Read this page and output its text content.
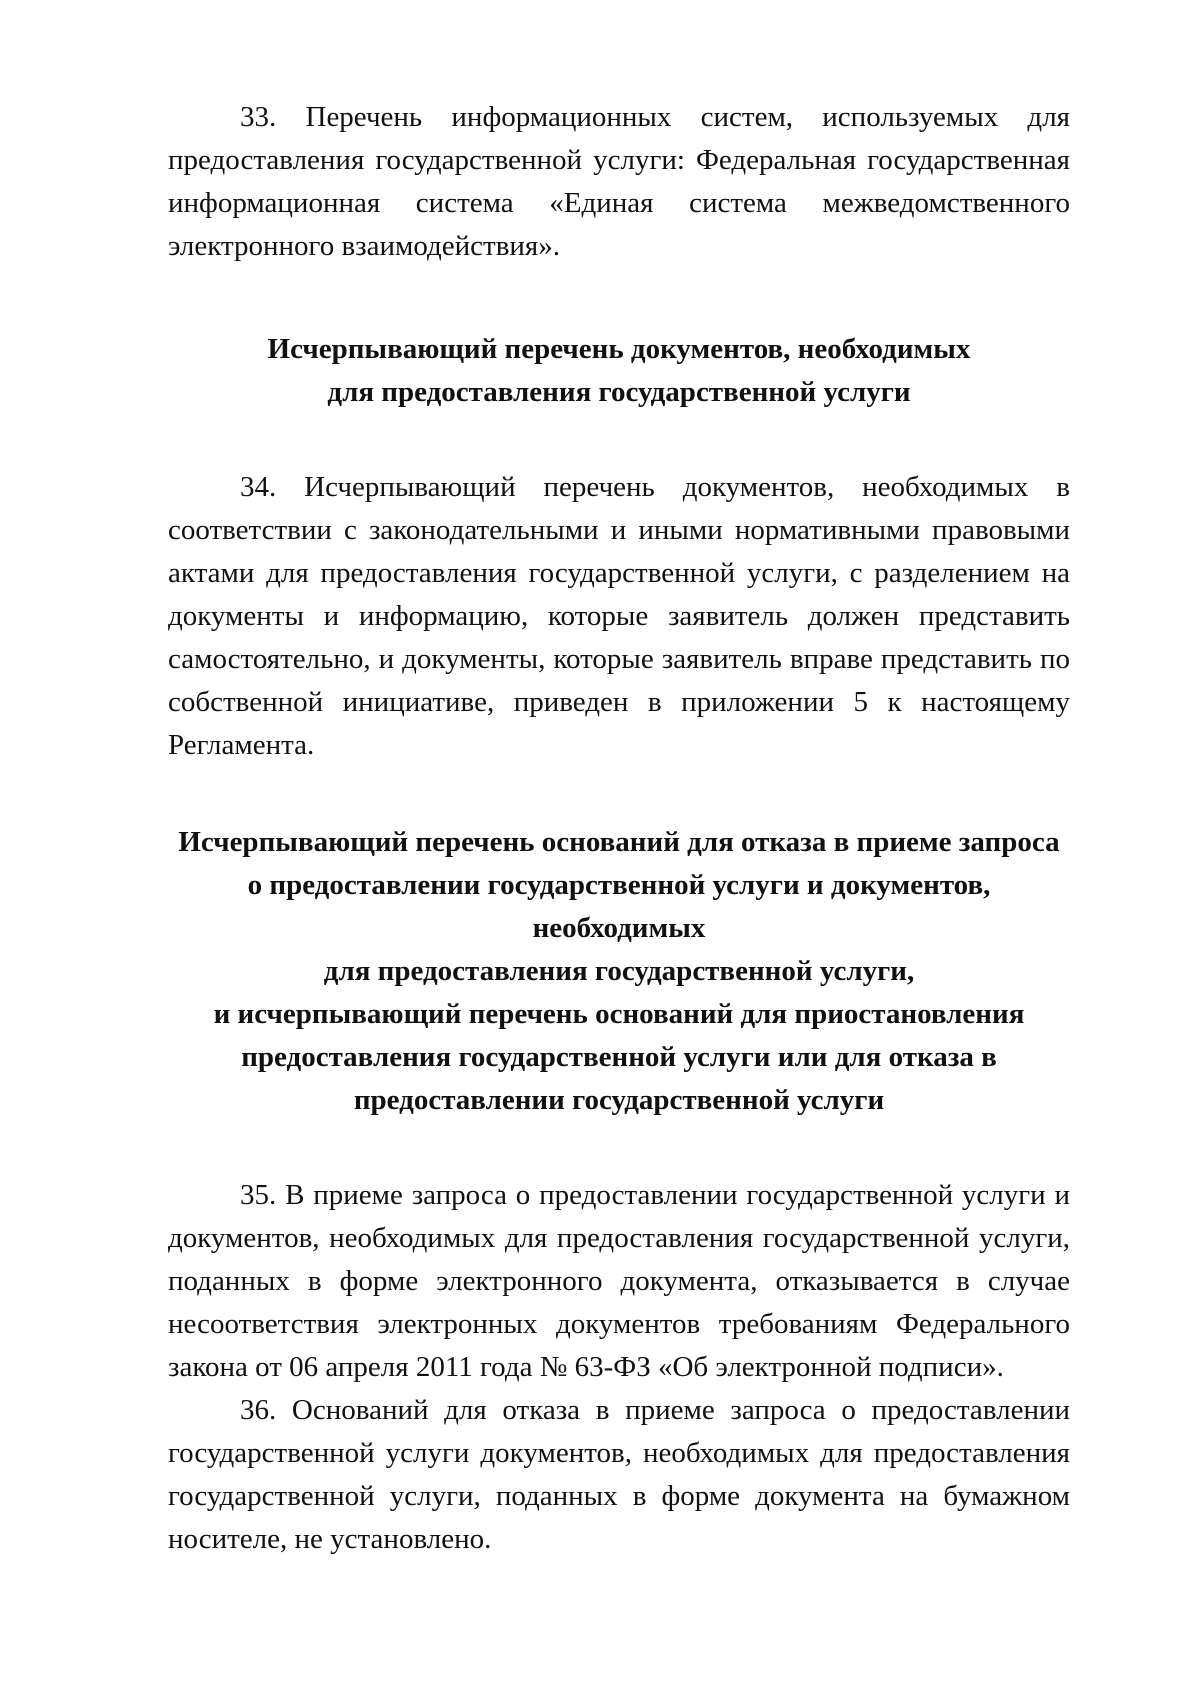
33. Перечень информационных систем, используемых для предоставления государственной услуги: Федеральная государственная информационная система «Единая система межведомственного электронного взаимодействия».

Исчерпывающий перечень документов, необходимых
для предоставления государственной услуги

34. Исчерпывающий перечень документов, необходимых в соответствии с законодательными и иными нормативными правовыми актами для предоставления государственной услуги, с разделением на документы и информацию, которые заявитель должен представить самостоятельно, и документы, которые заявитель вправе представить по собственной инициативе, приведен в приложении 5 к настоящему Регламента.

Исчерпывающий перечень оснований для отказа в приеме запроса
о предоставлении государственной услуги и документов,
необходимых
для предоставления государственной услуги,
и исчерпывающий перечень оснований для приостановления
предоставления государственной услуги или для отказа в
предоставлении государственной услуги

35. В приеме запроса о предоставлении государственной услуги и документов, необходимых для предоставления государственной услуги, поданных в форме электронного документа, отказывается в случае несоответствия электронных документов требованиям Федерального закона от 06 апреля 2011 года № 63-ФЗ «Об электронной подписи».

36. Оснований для отказа в приеме запроса о предоставлении государственной услуги документов, необходимых для предоставления государственной услуги, поданных в форме документа на бумажном носителе, не установлено.
